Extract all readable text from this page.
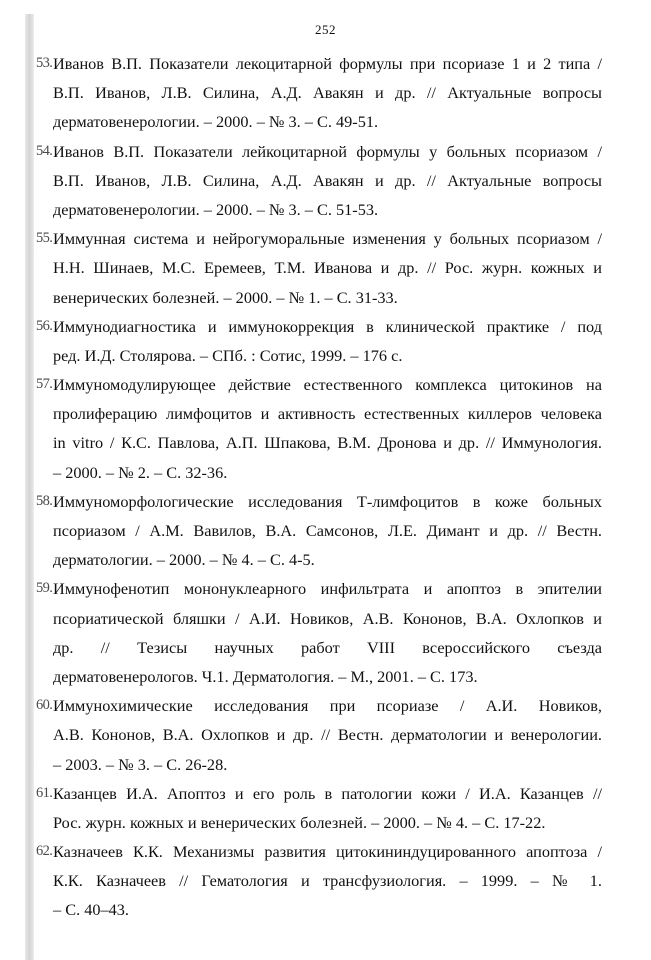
252
53. Иванов В.П. Показатели лекоцитарной формулы при псориазе 1 и 2 типа /
В.П. Иванов, Л.В. Силина, А.Д. Авакян и др. // Актуальные вопросы
дерматовенерологии. – 2000. – № 3. – С. 49-51.
54. Иванов В.П. Показатели лейкоцитарной формулы у больных псориазом /
В.П. Иванов, Л.В. Силина, А.Д. Авакян и др. // Актуальные вопросы
дерматовенерологии. – 2000. – № 3. – С. 51-53.
55. Иммунная система и нейрогуморальные изменения у больных псориазом /
Н.Н. Шинаев, М.С. Еремеев, Т.М. Иванова и др. // Рос. журн. кожных и
венерических болезней. – 2000. – № 1. – С. 31-33.
56. Иммунодиагностика и иммунокоррекция в клинической практике / под
ред. И.Д. Столярова. – СПб. : Сотис, 1999. – 176 с.
57. Иммуномодулирующее действие естественного комплекса цитокинов на
пролиферацию лимфоцитов и активность естественных киллеров человека
in vitro / К.С. Павлова, А.П. Шпакова, В.М. Дронова и др. // Иммунология.
– 2000. – № 2. – С. 32-36.
58. Иммуноморфологические исследования Т-лимфоцитов в коже больных
псориазом / А.М. Вавилов, В.А. Самсонов, Л.Е. Димант и др. // Вестн.
дерматологии. – 2000. – № 4. – С. 4-5.
59. Иммунофенотип мононуклеарного инфильтрата и апоптоз в эпителии
псориатической бляшки / А.И. Новиков, А.В. Кононов, В.А. Охлопков и
др. // Тезисы научных работ VIII всероссийского съезда
дерматовенерологов. Ч.1. Дерматология. – М., 2001. – С. 173.
60. Иммунохимические исследования при псориазе / А.И. Новиков,
А.В. Кононов, В.А. Охлопков и др. // Вестн. дерматологии и венерологии.
– 2003. – № 3. – С. 26-28.
61. Казанцев И.А. Апоптоз и его роль в патологии кожи / И.А. Казанцев //
Рос. журн. кожных и венерических болезней. – 2000. – № 4. – С. 17-22.
62. Казначеев К.К. Механизмы развития цитокининдуцированного апоптоза /
К.К. Казначеев // Гематология и трансфузиология. – 1999. – № 1.
– С. 40–43.
